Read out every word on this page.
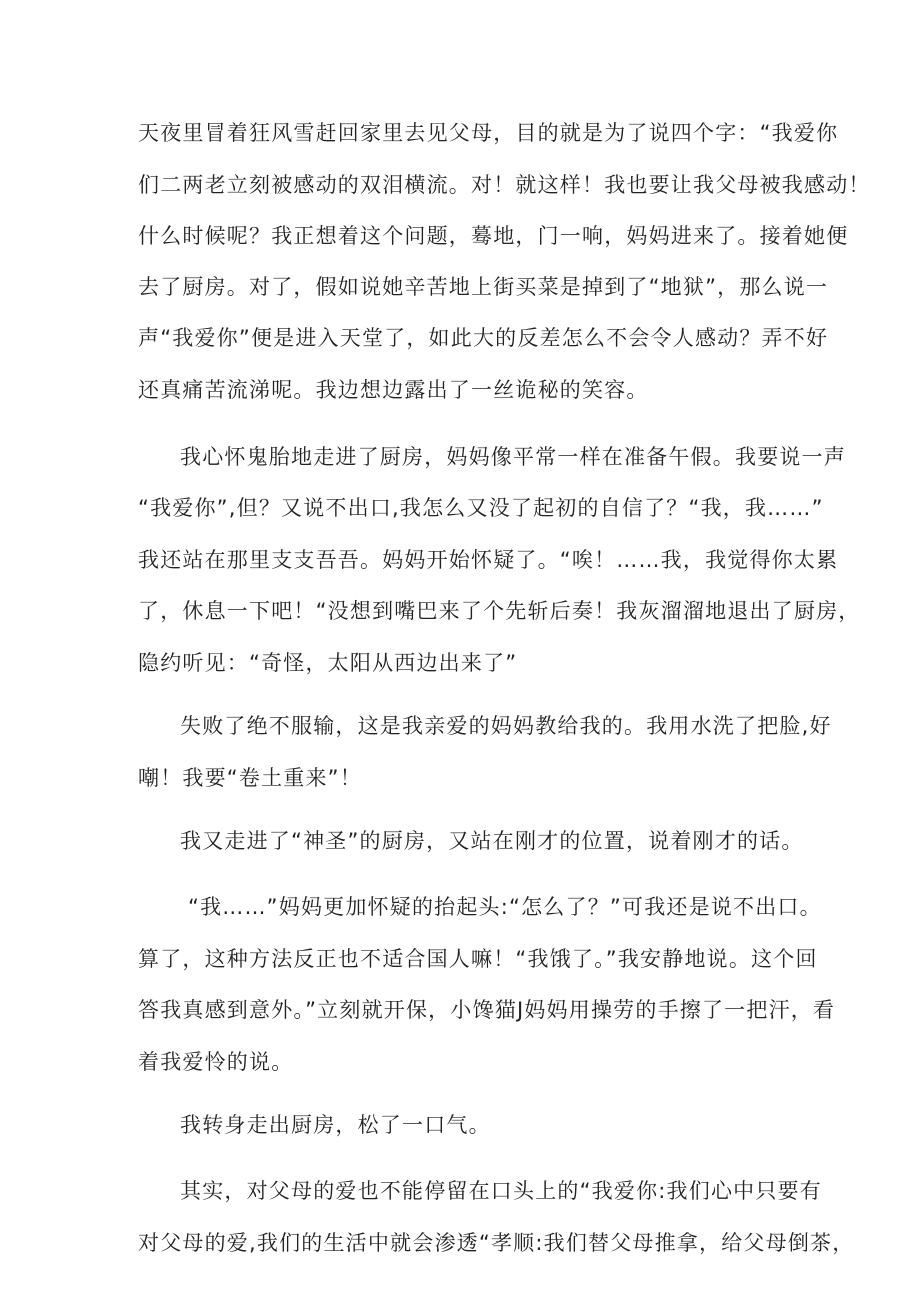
天夜里冒着狂风雪赶回家里去见父母，目的就是为了说四个字：“我爱你
们二两老立刻被感动的双泪横流。对！就这样！我也要让我父母被我感动！
什么时候呢？我正想着这个问题，蓦地，门一响，妈妈进来了。接着她便
去了厨房。对了，假如说她辛苦地上街买菜是掉到了“地狱”，那么说一
声“我爱你”便是进入天堂了，如此大的反差怎么不会令人感动？弄不好
还真痛苦流涕呢。我边想边露出了一丝诡秘的笑容。
我心怀鬼胎地走进了厨房，妈妈像平常一样在准备午假。我要说一声
“我爱你”,但？又说不出口,我怎么又没了起初的自信了？“我，我……”
我还站在那里支支吾吾。妈妈开始怀疑了。“唉！……我，我觉得你太累
了，休息一下吧！“没想到嘴巴来了个先斩后奏！我灰溜溜地退出了厨房，
隐约听见：“奇怪，太阳从西边出来了”
失败了绝不服输，这是我亲爱的妈妈教给我的。我用水洗了把脸,好
嘲！我要“卷土重来”！
我又走进了“神圣”的厨房，又站在刚才的位置，说着刚才的话。
“我……”妈妈更加怀疑的抬起头:“怎么了？”可我还是说不出口。
算了，这种方法反正也不适合国人嘛！“我饿了。”我安静地说。这个回
答我真感到意外。”立刻就开保，小馋猫J妈妈用操劳的手擦了一把汗，看
着我爱怜的说。
我转身走出厨房，松了一口气。
其实，对父母的爱也不能停留在口头上的“我爱你:我们心中只要有
对父母的爱,我们的生活中就会渗透“孝顺:我们替父母推拿，给父母倒茶，
